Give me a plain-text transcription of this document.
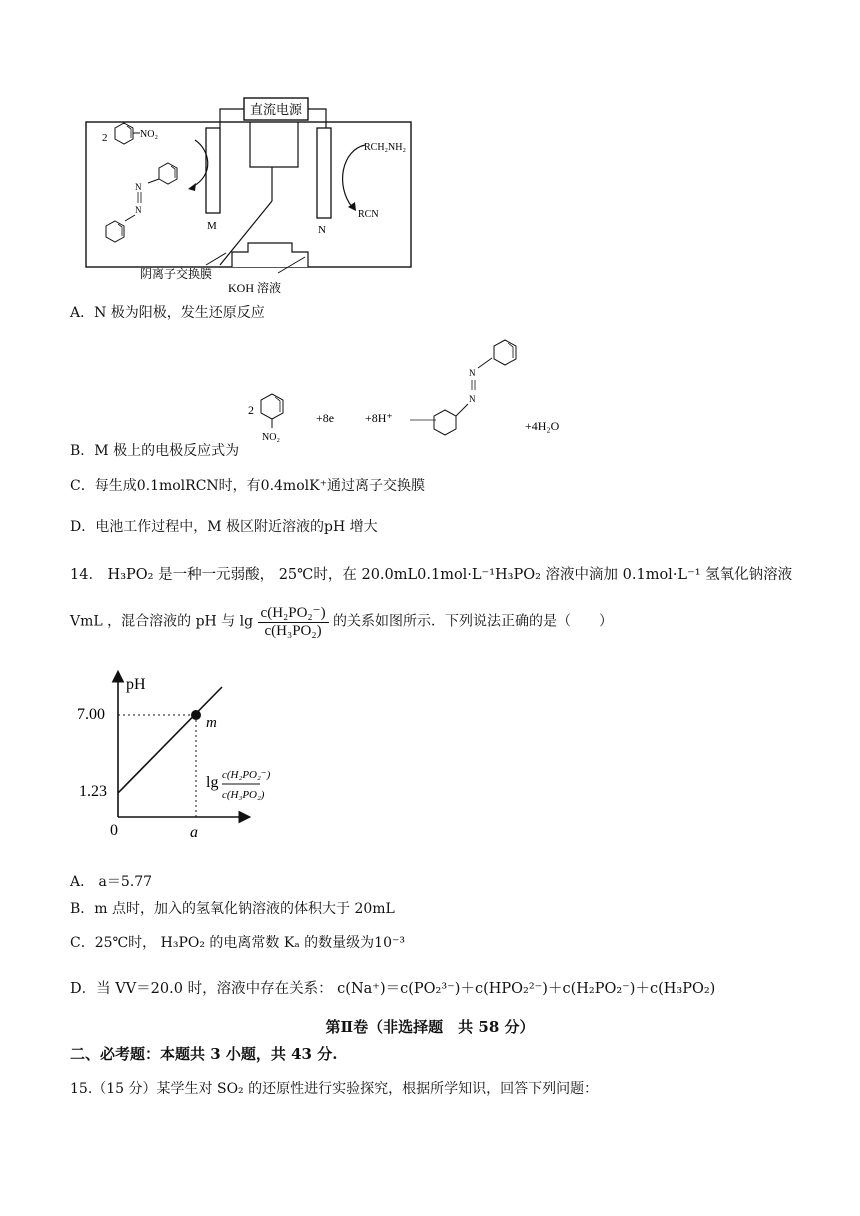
直流电源
M	N
阴离子交换膜
KOH 溶液
2	NO₂
N
N
RCH₂NH₂
RCN
A．N 极为阳极，发生还原反应
2
NO₂
+8e	+8H⁺
N
N
+4H₂O
B．M 极上的电极反应式为
C．每生成0.1molRCN时，有0.4molK⁺通过离子交换膜
D．电池工作过程中，M 极区附近溶液的pH 增大
14． H₃PO₂ 是一种一元弱酸， 25℃时，在 20.0mL0.1mol·L⁻¹H₃PO₂ 溶液中滴加 0.1mol·L⁻¹ 氢氧化钠溶液
VmL ，混合溶液的 pH 与 $\lg \frac{\text{c(H₂PO₂⁻)}}{\text{c(H₃PO₂)}}$ 的关系如图所示．下列说法正确的是（　　）
pH
7.00
1.23
0	a
m
lg c(H₂PO₂⁻)
c(H₃PO₂)
A． a＝5.77
B．m 点时，加入的氢氧化钠溶液的体积大于 20mL
C．25℃时， H₃PO₂ 的电离常数 Kₐ 的数量级为10⁻³
D．当 VV＝20.0 时，溶液中存在关系： c(Na⁺)＝c(PO₂³⁻)＋c(HPO₂²⁻)＋c(H₂PO₂⁻)＋c(H₃PO₂)
第Ⅱ卷（非选择题　共 58 分）
二、必考题：本题共 3 小题，共 43 分.
15.（15 分）某学生对 SO₂ 的还原性进行实验探究，根据所学知识，回答下列问题：
